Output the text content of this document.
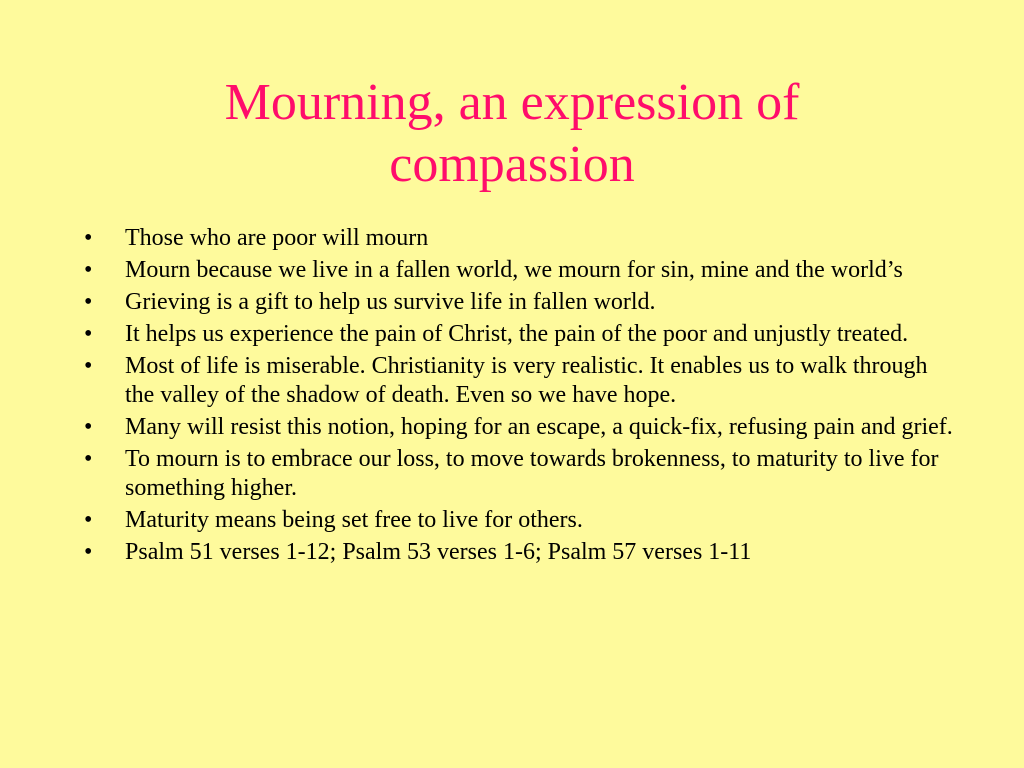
Mourning, an expression of compassion
• Those who are poor will mourn
• Mourn because we live in a fallen world, we mourn for sin, mine and the world’s
• Grieving is a gift to help us survive life in fallen world.
• It helps us experience the pain of Christ, the pain of the poor and unjustly treated.
• Most of life is miserable. Christianity is very realistic. It enables us to walk through the valley of the shadow of death. Even so we have hope.
• Many will resist this notion, hoping for an escape, a quick-fix, refusing pain and grief.
• To mourn is to embrace our loss, to move towards brokenness, to maturity to live for something higher.
• Maturity means being set free to live for others.
• Psalm 51 verses 1-12; Psalm 53 verses 1-6; Psalm 57 verses 1-11
